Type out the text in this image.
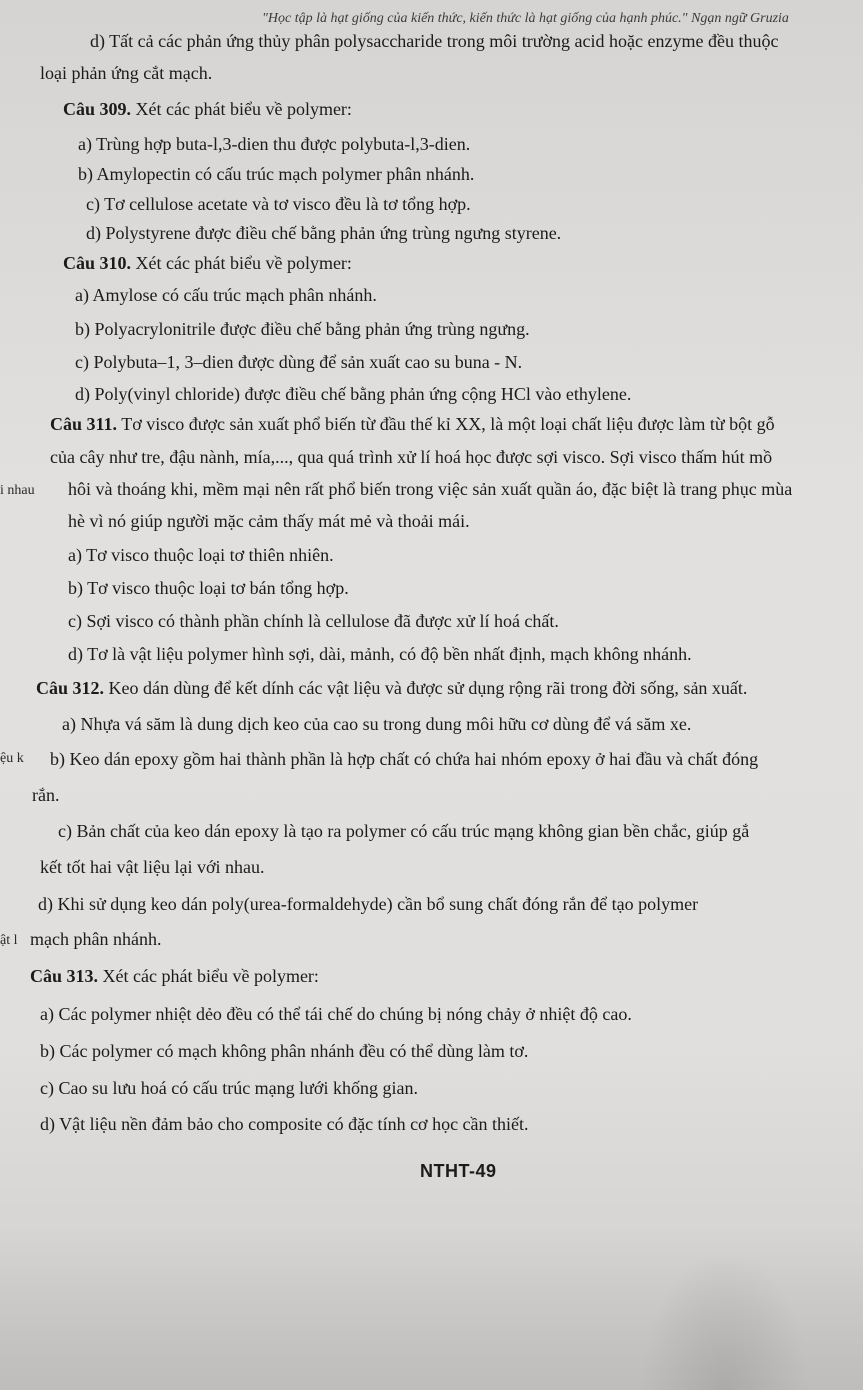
"Học tập là hạt giống của kiến thức, kiến thức là hạt giống của hạnh phúc." Ngạn ngữ Gruzia
d) Tất cả các phản ứng thủy phân polysaccharide trong môi trường acid hoặc enzyme đều thuộc
loại phản ứng cắt mạch.
Câu 309. Xét các phát biểu về polymer:
a) Trùng hợp buta-l,3-dien thu được polybuta-l,3-dien.
b) Amylopectin có cấu trúc mạch polymer phân nhánh.
c) Tơ cellulose acetate và tơ visco đều là tơ tổng hợp.
d) Polystyrene được điều chế bằng phản ứng trùng ngưng styrene.
Câu 310. Xét các phát biểu về polymer:
a) Amylose có cấu trúc mạch phân nhánh.
b) Polyacrylonitrile được điều chế bằng phản ứng trùng ngưng.
c) Polybuta–1, 3–dien được dùng để sản xuất cao su buna - N.
d) Poly(vinyl chloride) được điều chế bằng phản ứng cộng HCl vào ethylene.
Câu 311. Tơ visco được sản xuất phổ biến từ đầu thế kỉ XX, là một loại chất liệu được làm từ bột gỗ
của cây như tre, đậu nành, mía,..., qua quá trình xử lí hoá học được sợi visco. Sợi visco thấm hút mồ
i nhau hôi và thoáng khi, mềm mại nên rất phổ biến trong việc sản xuất quần áo, đặc biệt là trang phục mùa
hè vì nó giúp người mặc cảm thấy mát mẻ và thoải mái.
a) Tơ visco thuộc loại tơ thiên nhiên.
b) Tơ visco thuộc loại tơ bán tổng hợp.
c) Sợi visco có thành phần chính là cellulose đã được xử lí hoá chất.
d) Tơ là vật liệu polymer hình sợi, dài, mảnh, có độ bền nhất định, mạch không nhánh.
Câu 312. Keo dán dùng để kết dính các vật liệu và được sử dụng rộng rãi trong đời sống, sản xuất.
a) Nhựa vá săm là dung dịch keo của cao su trong dung môi hữu cơ dùng để vá săm xe.
ệu k b) Keo dán epoxy gồm hai thành phần là hợp chất có chứa hai nhóm epoxy ở hai đầu và chất đóng
rắn.
c) Bản chất của keo dán epoxy là tạo ra polymer có cấu trúc mạng không gian bền chắc, giúp gắ
kết tốt hai vật liệu lại với nhau.
d) Khi sử dụng keo dán poly(urea-formaldehyde) cần bổ sung chất đóng rắn để tạo polymer
ật l mạch phân nhánh.
Câu 313. Xét các phát biểu về polymer:
a) Các polymer nhiệt dẻo đều có thể tái chế do chúng bị nóng chảy ở nhiệt độ cao.
b) Các polymer có mạch không phân nhánh đều có thể dùng làm tơ.
c) Cao su lưu hoá có cấu trúc mạng lưới khống gian.
d) Vật liệu nền đảm bảo cho composite có đặc tính cơ học cần thiết.
NTHT-49
